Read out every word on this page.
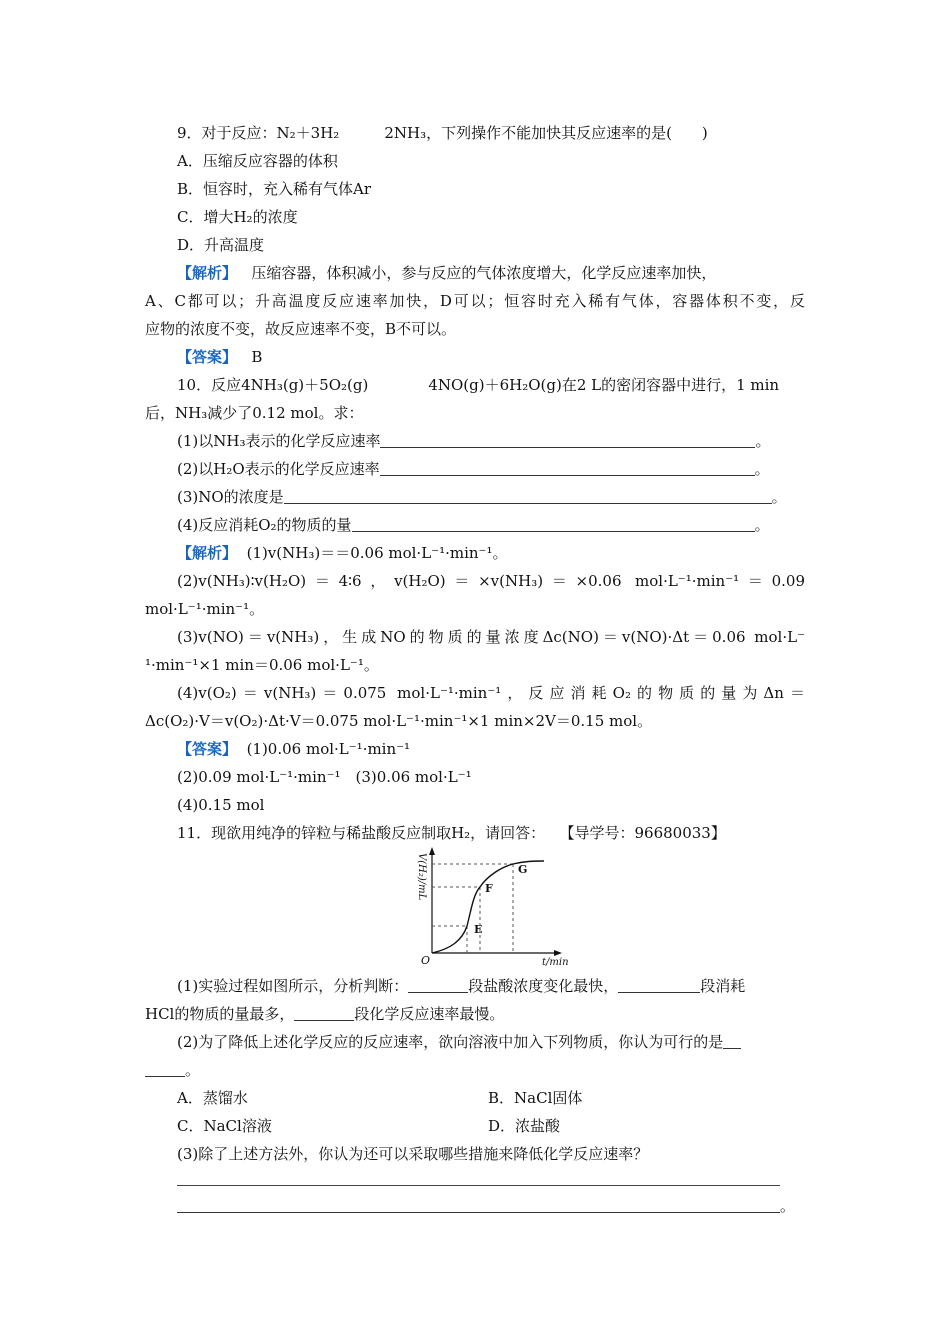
9．对于反应：N₂＋3H₂　　　2NH₃，下列操作不能加快其反应速率的是(　　)
A．压缩反应容器的体积
B．恒容时，充入稀有气体Ar
C．增大H₂的浓度
D．升高温度
【解析】 压缩容器，体积减小，参与反应的气体浓度增大，化学反应速率加快，
A、C都可以；升高温度反应速率加快，D可以；恒容时充入稀有气体，容器体积不变，反
应物的浓度不变，故反应速率不变，B不可以。
【答案】 B
10．反应4NH₃(g)＋5O₂(g)　　　　4NO(g)＋6H₂O(g)在2 L的密闭容器中进行，1 min
后，NH₃减少了0.12 mol。求：
(1)以NH₃表示的化学反应速率	。
(2)以H₂O表示的化学反应速率	。
(3)NO的浓度是	。
(4)反应消耗O₂的物质的量	。
【解析】 (1)v(NH₃)＝＝0.06 mol·L⁻¹·min⁻¹。
(2)v(NH₃)∶v(H₂O)＝4∶6，v(H₂O)＝×v(NH₃)＝×0.06 mol·L⁻¹·min⁻¹＝0.09
mol·L⁻¹·min⁻¹。
(3)v(NO)＝v(NH₃)，生成NO的物质的量浓度Δc(NO)＝v(NO)·Δt＝0.06 mol·L⁻
¹·min⁻¹×1 min＝0.06 mol·L⁻¹。
(4)v(O₂)＝v(NH₃)＝0.075 mol·L⁻¹·min⁻¹，反应消耗O₂的物质的量为Δn＝
Δc(O₂)·V＝v(O₂)·Δt·V＝0.075 mol·L⁻¹·min⁻¹×1 min×2V＝0.15 mol。
【答案】 (1)0.06 mol·L⁻¹·min⁻¹
(2)0.09 mol·L⁻¹·min⁻¹　(3)0.06 mol·L⁻¹
(4)0.15 mol
11．现欲用纯净的锌粒与稀盐酸反应制取H₂，请回答： 【导学号：96680033】
E
F
G
O	t/min
V(H₂)/mL
(1)实验过程如图所示，分析判断：	段盐酸浓度变化最快，	段消耗
HCl的物质的量最多，	段化学反应速率最慢。
(2)为了降低上述化学反应的反应速率，欲向溶液中加入下列物质，你认为可行的是
。
A．蒸馏水	B．NaCl固体
C．NaCl溶液	D．浓盐酸
(3)除了上述方法外，你认为还可以采取哪些措施来降低化学反应速率？
。
